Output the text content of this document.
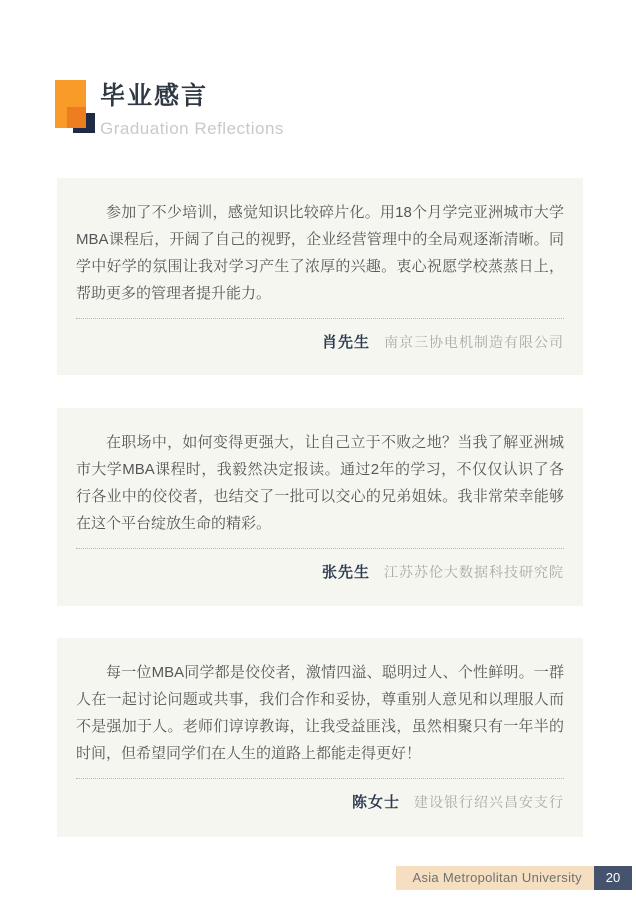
毕业感言
Graduation Reflections

参加了不少培训，感觉知识比较碎片化。用18个月学完亚洲城市大学MBA课程后，开阔了自己的视野，企业经营管理中的全局观逐渐清晰。同学中好学的氛围让我对学习产生了浓厚的兴趣。衷心祝愿学校蒸蒸日上，帮助更多的管理者提升能力。

肖先生 南京三协电机制造有限公司

在职场中，如何变得更强大，让自己立于不败之地？当我了解亚洲城市大学MBA课程时，我毅然决定报读。通过2年的学习，不仅仅认识了各行各业中的佼佼者，也结交了一批可以交心的兄弟姐妹。我非常荣幸能够在这个平台绽放生命的精彩。

张先生 江苏苏伦大数据科技研究院

每一位MBA同学都是佼佼者，激情四溢、聪明过人、个性鲜明。一群人在一起讨论问题或共事，我们合作和妥协，尊重别人意见和以理服人而不是强加于人。老师们谆谆教诲，让我受益匪浅，虽然相聚只有一年半的时间，但希望同学们在人生的道路上都能走得更好！

陈女士 建设银行绍兴昌安支行
Asia Metropolitan University	20
